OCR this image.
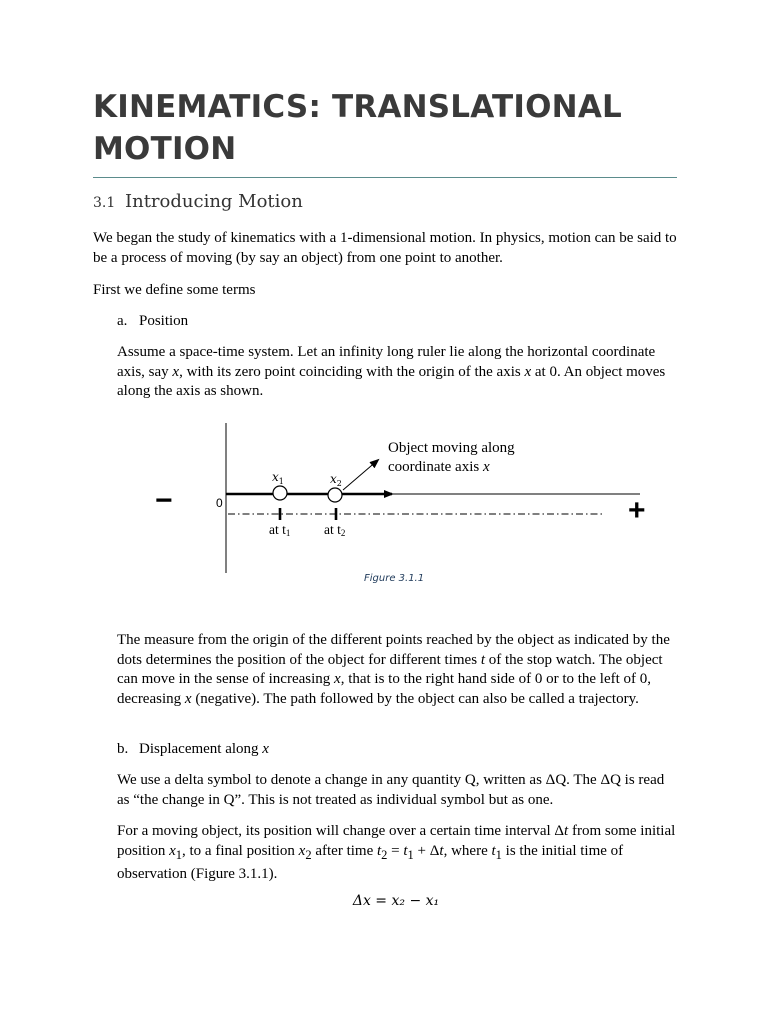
KINEMATICS: TRANSLATIONAL
MOTION
3.1 Introducing Motion

We began the study of kinematics with a 1-dimensional motion. In physics, motion can be said to be a process of moving (by say an object) from one point to another.

First we define some terms

a. Position

Assume a space-time system. Let an infinity long ruler lie along the horizontal coordinate axis, say x, with its zero point coinciding with the origin of the axis x at 0. An object moves along the axis as shown.

Object moving along
coordinate axis x
$x_1$	$x_2$
0
−	+
at t1 at t2
Figure 3.1.1

The measure from the origin of the different points reached by the object as indicated by the dots determines the position of the object for different times t of the stop watch. The object can move in the sense of increasing x, that is to the right hand side of 0 or to the left of 0, decreasing x (negative). The path followed by the object can also be called a trajectory.

b. Displacement along x

We use a delta symbol to denote a change in any quantity Q, written as ΔQ. The ΔQ is read as “the change in Q”. This is not treated as individual symbol but as one.

For a moving object, its position will change over a certain time interval Δt from some initial position $x_1$, to a final position $x_2$ after time $t_2 = t_1 + \Delta t$, where $t_1$ is the initial time of observation (Figure 3.1.1).

Δx = x₂ − x₁
